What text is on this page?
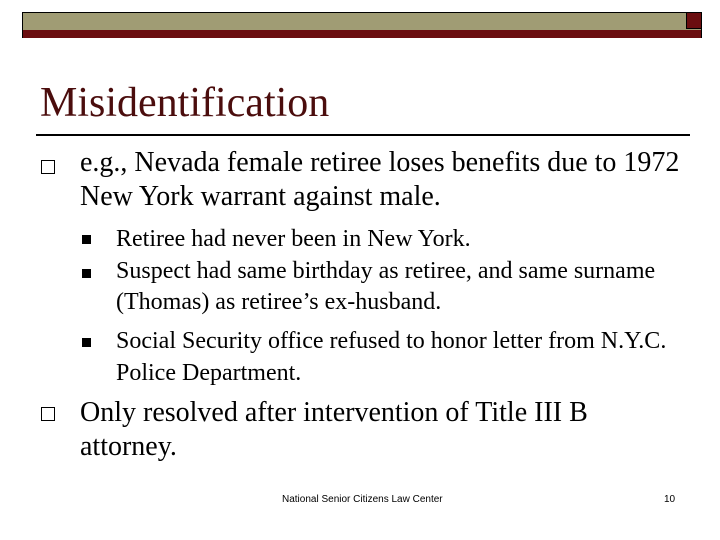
Misidentification
e.g., Nevada female retiree loses benefits due to 1972 New York warrant against male.
Retiree had never been in New York.
Suspect had same birthday as retiree, and same surname (Thomas) as retiree’s ex-husband.
Social Security office refused to honor letter from N.Y.C. Police Department.
Only resolved after intervention of Title III B attorney.
National Senior Citizens Law Center	10
